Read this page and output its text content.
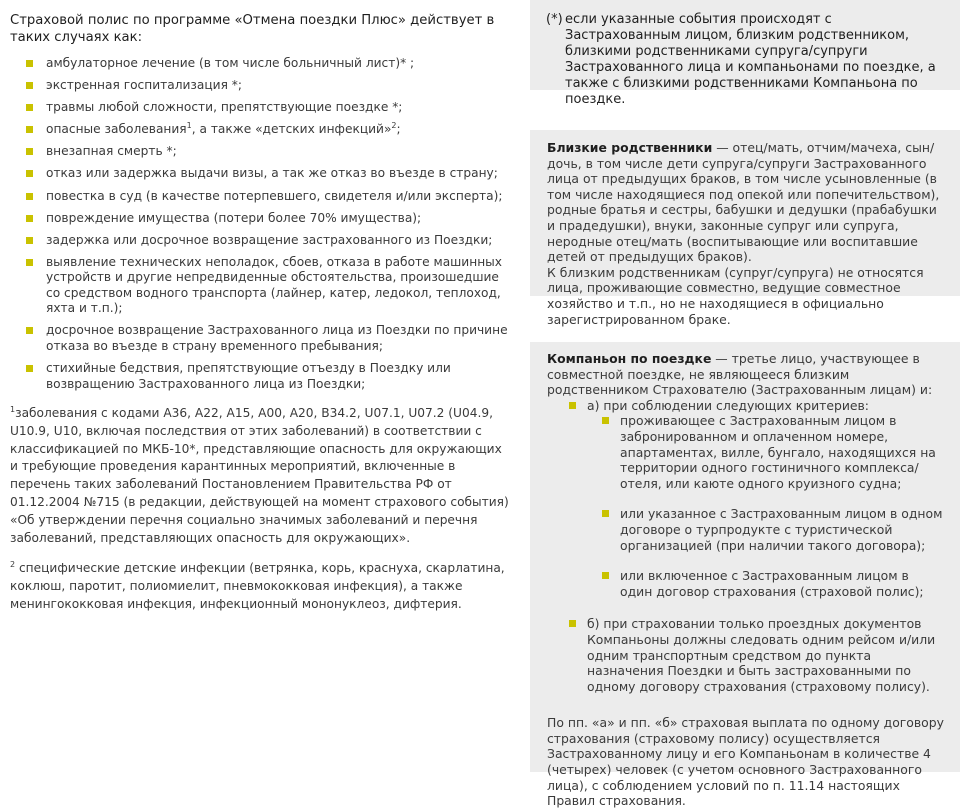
Страховой полис по программе «Отмена поездки Плюс» действует в таких случаях как:

амбулаторное лечение (в том числе больничный лист)* ;
экстренная госпитализация *;
травмы любой сложности, препятствующие поездке *;
опасные заболевания$^1$, а также «детских инфекций»$^2$;
внезапная смерть *;
отказ или задержка выдачи визы, а так же отказ во въезде в страну;
повестка в суд (в качестве потерпевшего, свидетеля и/или эксперта);
повреждение имущества (потери более 70% имущества);
задержка или досрочное возвращение застрахованного из Поездки;
выявление технических неполадок, сбоев, отказа в работе машинных устройств и другие непредвиденные обстоятельства, произошедшие со средством водного транспорта (лайнер, катер, ледокол, теплоход, яхта и т.п.);
досрочное возвращение Застрахованного лица из Поездки по причине отказа во въезде в страну временного пребывания;
стихийные бедствия, препятствующие отъезду в Поездку или возвращению Застрахованного лица из Поездки;

$^1$заболевания с кодами A36, A22, A15, A00, A20, B34.2, U07.1, U07.2 (U04.9, U10.9, U10, включая последствия от этих заболеваний) в соответствии с классификацией по МКБ-10*, представляющие опасность для окружающих и требующие проведения карантинных мероприятий, включенные в перечень таких заболеваний Постановлением Правительства РФ от 01.12.2004 №715 (в редакции, действующей на момент страхового события) «Об утверждении перечня социально значимых заболеваний и перечня заболеваний, представляющих опасность для окружающих».

$^2$ специфические детские инфекции (ветрянка, корь, краснуха, скарлатина, коклюш, паротит, полиомиелит, пневмококковая инфекция), а также менингококковая инфекция, инфекционный мононуклеоз, дифтерия.

(*) если указанные события происходят с Застрахованным лицом, близким родственником, близкими родственниками супруга/супруги Застрахованного лица и компаньонами по поездке, а также с близкими родственниками Компаньона по поездке.

Близкие родственники — отец/мать, отчим/мачеха, сын/дочь, в том числе дети супруга/супруги Застрахованного лица от предыдущих браков, в том числе усыновленные (в том числе находящиеся под опекой или попечительством), родные братья и сестры, бабушки и дедушки (прабабушки и прадедушки), внуки, законные супруг или супруга, неродные отец/мать (воспитывающие или воспитавшие детей от предыдущих браков).

К близким родственникам (супруг/супруга) не относятся лица, проживающие совместно, ведущие совместное хозяйство и т.п., но не находящиеся в официально зарегистрированном браке.

Компаньон по поездке — третье лицо, участвующее в совместной поездке, не являющееся близким родственником Страхователю (Застрахованным лицам) и:

а) при соблюдении следующих критериев:

проживающее с Застрахованным лицом в забронированном и оплаченном номере, апартаментах, вилле, бунгало, находящихся на территории одного гостиничного комплекса/отеля, или каюте одного круизного судна;

или указанное с Застрахованным лицом в одном договоре о турпродукте с туристической организацией (при наличии такого договора);

или включенное с Застрахованным лицом в один договор страхования (страховой полис);

б) при страховании только проездных документов Компаньоны должны следовать одним рейсом и/или одним транспортным средством до пункта назначения Поездки и быть застрахованными по одному договору страхования (страховому полису).

По пп. «а» и пп. «б» страховая выплата по одному договору страхования (страховому полису) осуществляется Застрахованному лицу и его Компаньонам в количестве 4 (четырех) человек (с учетом основного Застрахованного лица), с соблюдением условий по п. 11.14 настоящих Правил страхования.
